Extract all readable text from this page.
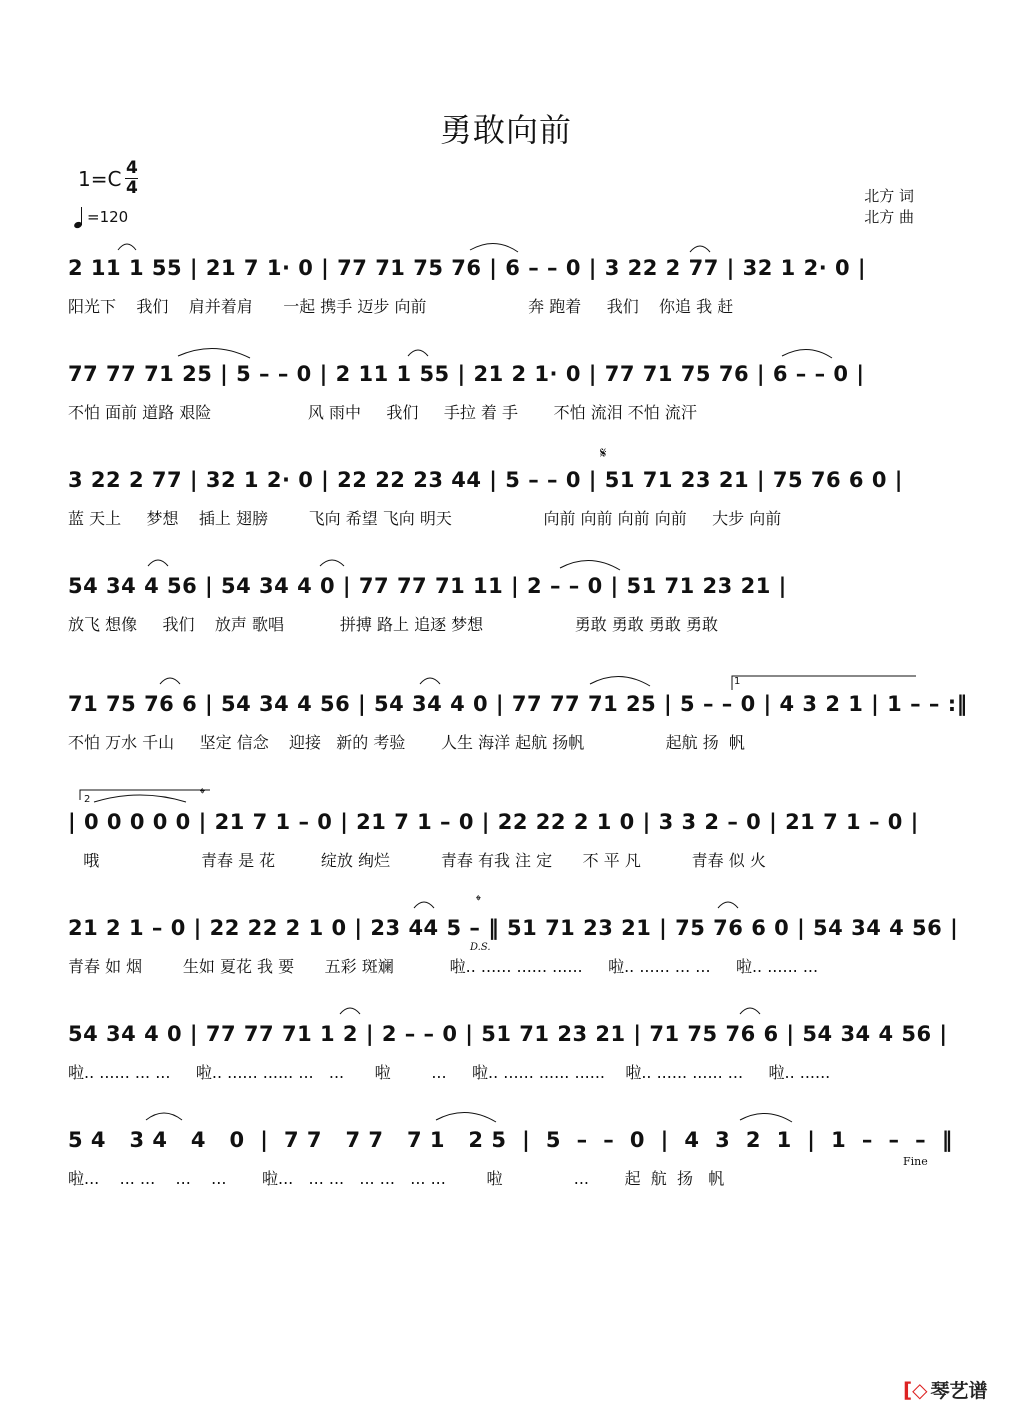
勇敢向前
$1=C \frac{4}{4}$
=120
北方 词
北方 曲
2 11 1 55 | 21 7 1· 0 | 77 71 75 76 | 6 – – 0 | 3 22 2 77 | 32 1 2· 0 |
阳光下    我们    肩并着肩      一起 携手 迈步 向前                    奔 跑着     我们    你追 我 赶
77 77 71 25 | 5 – – 0 | 2 11 1 55 | 21 2 1· 0 | 77 71 75 76 | 6 – – 0 |
不怕 面前 道路 艰险                   风 雨中     我们     手拉 着 手       不怕 流泪 不怕 流汗
3 22 2 77 | 32 1 2· 0 | 22 22 23 44 | 5 – – 0 | 51 71 23 21 | 75 76 6 0 |
蓝 天上     梦想    插上 翅膀        飞向 希望 飞向 明天                  向前 向前 向前 向前     大步 向前
54 34 4 56 | 54 34 4 0 | 77 77 71 11 | 2 – – 0 | 51 71 23 21 |
放飞 想像     我们    放声 歌唱           拼搏 路上 追逐 梦想                  勇敢 勇敢 勇敢 勇敢
71 75 76 6 | 54 34 4 56 | 54 34 4 0 | 77 77 71 25 | 5 – – 0 | 4 3 2 1 | 1 – – :‖
不怕 万水 千山     坚定 信念    迎接   新的 考验       人生 海洋 起航 扬帆                起航 扬  帆
| 0 0 0 0 0 | 21 7 1 – 0 | 21 7 1 – 0 | 22 22 2 1 0 | 3 3 2 – 0 | 21 7 1 – 0 |
哦                    青春 是 花         绽放 绚烂          青春 有我 注 定      不 平 凡          青春 似 火
21 2 1 – 0 | 22 22 2 1 0 | 23 44 5 – ‖ 51 71 23 21 | 75 76 6 0 | 54 34 4 56 |
青春 如 烟        生如 夏花 我 要      五彩 斑斓           啦.. ...... ...... ......     啦.. ...... ... ...     啦.. ...... ...
54 34 4 0 | 77 77 71 1 2 | 2 – – 0 | 51 71 23 21 | 71 75 76 6 | 54 34 4 56 |
啦.. ...... ... ...     啦.. ...... ...... ...   ...      啦        ...     啦.. ...... ...... ......    啦.. ...... ...... ...     啦.. ......
5 4   3 4   4   0  |  7 7   7 7   7 1   2 5  |  5  –  –  0  |  4  3  2  1  |  1  –  –  –  ‖
啦...    ... ...    ...    ...       啦...   ... ...   ... ...   ... ...        啦              ...       起  航  扬   帆
𝄋
𝄌
𝄌
D.S.
Fine
1
2
[◇ 琴艺谱
